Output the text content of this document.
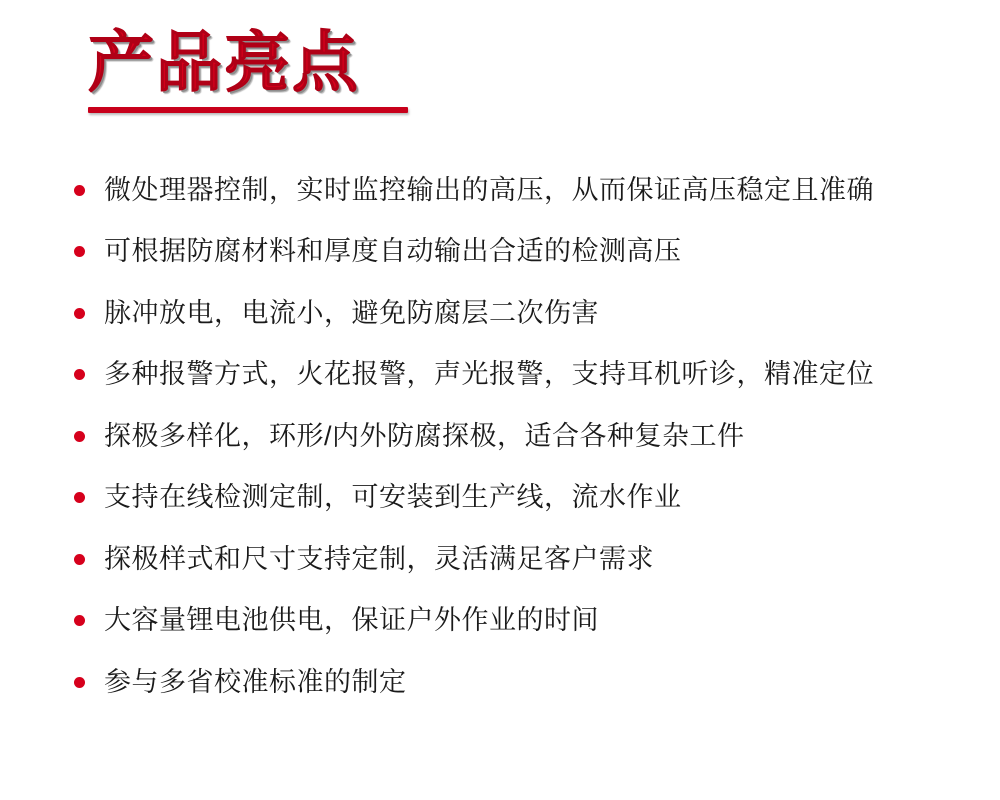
产品亮点
微处理器控制，实时监控输出的高压，从而保证高压稳定且准确
可根据防腐材料和厚度自动输出合适的检测高压
脉冲放电，电流小，避免防腐层二次伤害
多种报警方式，火花报警，声光报警，支持耳机听诊，精准定位
探极多样化，环形/内外防腐探极，适合各种复杂工件
支持在线检测定制，可安装到生产线，流水作业
探极样式和尺寸支持定制，灵活满足客户需求
大容量锂电池供电，保证户外作业的时间
参与多省校准标准的制定
